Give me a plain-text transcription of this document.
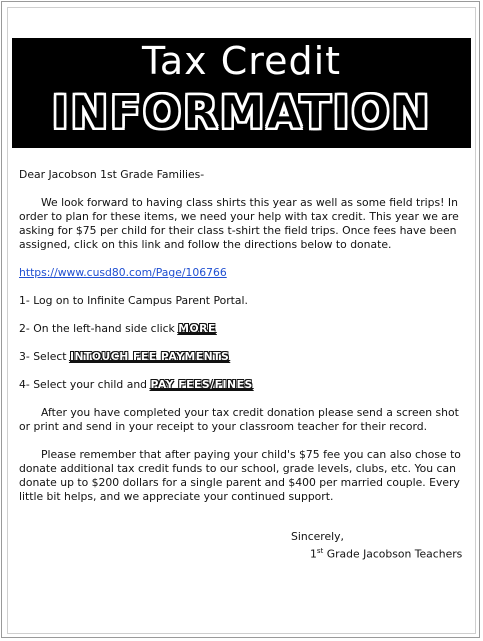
Tax Credit
INFORMATION

Dear Jacobson 1st Grade Families-

We look forward to having class shirts this year as well as some field trips! In order to plan for these items, we need your help with tax credit. This year we are asking for $75 per child for their class t-shirt the field trips. Once fees have been assigned, click on this link and follow the directions below to donate.

https://www.cusd80.com/Page/106766

1- Log on to Infinite Campus Parent Portal.

2- On the left-hand side click MORE

3- Select INTOUCH FEE PAYMENTS

4- Select your child and PAY FEES/FINES

After you have completed your tax credit donation please send a screen shot or print and send in your receipt to your classroom teacher for their record.

Please remember that after paying your child's $75 fee you can also chose to donate additional tax credit funds to our school, grade levels, clubs, etc. You can donate up to $200 dollars for a single parent and $400 per married couple. Every little bit helps, and we appreciate your continued support.

Sincerely,
1st Grade Jacobson Teachers
